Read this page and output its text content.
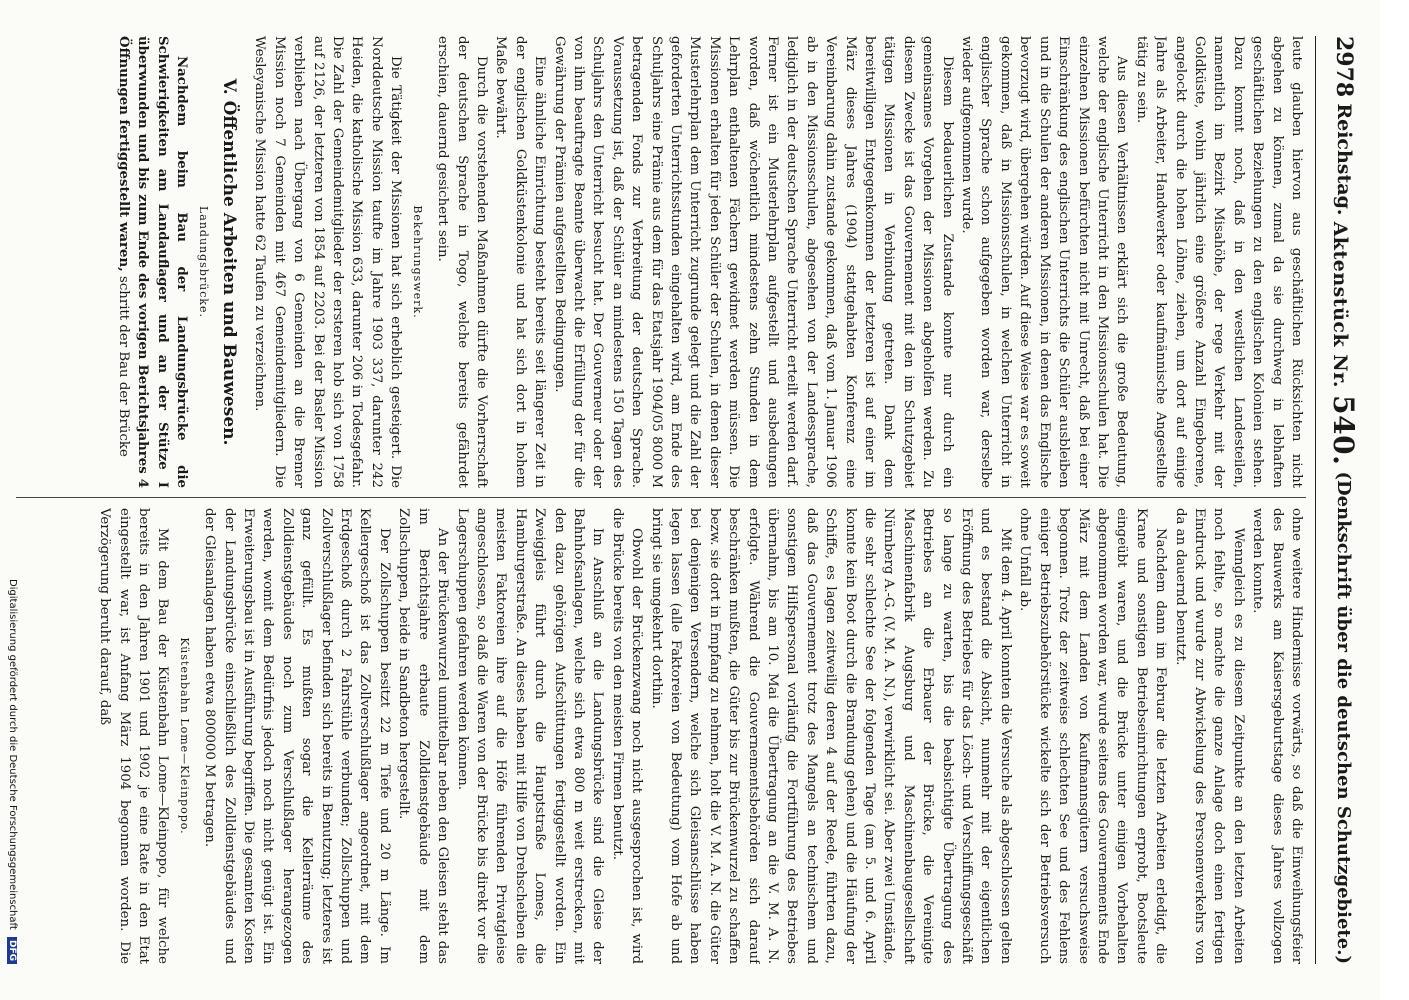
2978
Reichstag.
Aktenstück Nr. 540.
(Denkschrift über die deutschen Schutzgebiete.)

leute glauben hiervon aus geschäftlichen Rücksichten nicht abgehen zu können, zumal da sie durchweg in lebhaften geschäftlichen Beziehungen zu den englischen Kolonien stehen. Dazu kommt noch, daß in den westlichen Landesteilen, namentlich im Bezirk Misahöhe, der rege Verkehr mit der Goldküste, wohin jährlich eine größere Anzahl Eingeborene, angelockt durch die hohen Löhne, ziehen, um dort auf einige Jahre als Arbeiter, Handwerker oder kaufmännische Angestellte tätig zu sein.

Aus diesen Verhältnissen erklärt sich die große Bedeutung, welche der englische Unterricht in den Missionsschulen hat. Die einzelnen Missionen befürchten nicht mit Unrecht, daß bei einer Einschränkung des englischen Unterrichts die Schüler ausbleiben und in die Schulen der anderen Missionen, in denen das Englische bevorzugt wird, übergehen würden. Auf diese Weise war es soweit gekommen, daß in Missionsschulen, in welchen Unterricht in englischer Sprache schon aufgegeben worden war, derselbe wieder aufgenommen wurde.

Diesem bedauerlichen Zustande konnte nur durch ein gemeinsames Vorgehen der Missionen abgeholfen werden. Zu diesem Zwecke ist das Gouvernement mit den im Schutzgebiet tätigen Missionen in Verbindung getreten. Dank dem bereitwilligen Entgegenkommen der letzteren ist auf einer im März dieses Jahres (1904) stattgehabten Konferenz eine Vereinbarung dahin zustande gekommen, daß vom 1. Januar 1906 ab in den Missionsschulen, abgesehen von der Landessprache, lediglich in der deutschen Sprache Unterricht erteilt werden darf. Ferner ist ein Musterlehrplan aufgestellt und ausbedungen worden, daß wöchentlich mindestens zehn Stunden in dem Lehrplan enthaltenen Fächern gewidmet werden müssen. Die Missionen erhalten für jeden Schüler der Schulen, in denen dieser Musterlehrplan dem Unterricht zugrunde gelegt und die Zahl der geforderten Unterrichtsstunden eingehalten wird, am Ende des Schuljahrs eine Prämie aus dem für das Etatsjahr 1904/05 8000 M betragenden Fonds zur Verbreitung der deutschen Sprache. Voraussetzung ist, daß der Schüler an mindestens 150 Tagen des Schuljahrs den Unterricht besucht hat. Der Gouverneur oder der von ihm beauftragte Beamte überwacht die Erfüllung der für die Gewährung der Prämien aufgestellten Bedingungen.

Eine ähnliche Einrichtung besteht bereits seit längerer Zeit in der englischen Goldküstenkolonie und hat sich dort in hohem Maße bewährt.

Durch die vorstehenden Maßnahmen dürfte die Vorherrschaft der deutschen Sprache in Togo, welche bereits gefährdet erschien, dauernd gesichert sein.

Bekehrungswerk.

Die Tätigkeit der Missionen hat sich erheblich gesteigert. Die Norddeutsche Mission taufte im Jahre 1903 337, darunter 242 Heiden, die katholische Mission 633, darunter 206 in Todesgefahr. Die Zahl der Gemeindemitglieder der ersteren hob sich von 1758 auf 2126, der letzteren von 1854 auf 2203. Bei der Basler Mission verblieben nach Übergang von 6 Gemeinden an die Bremer Mission noch 7 Gemeinden mit 467 Gemeindemitgliedern. Die Wesleyanische Mission hatte 62 Taufen zu verzeichnen.

V. Öffentliche Arbeiten und Bauwesen.
Landungsbrücke.

Nachdem beim Bau der Landungsbrücke die Schwierigkeiten am Landauflager und an der Stütze I überwunden und bis zum Ende des vorigen Berichtsjahres 4 Öffnungen fertiggestellt waren, schritt der Bau der Brücke

ohne weitere Hindernisse vorwärts, so daß die Einweihungsfeier des Bauwerks am Kaisersgeburtstage dieses Jahres vollzogen werden konnte.

Wenngleich es zu diesem Zeitpunkte an den letzten Arbeiten noch fehlte, so machte die ganze Anlage doch einen fertigen Eindruck und wurde zur Abwickelung des Personenverkehrs von da an dauernd benutzt.

Nachdem dann im Februar die letzten Arbeiten erledigt, die Krane und sonstigen Betriebseinrichtungen erprobt, Bootsleute eingeübt waren, und die Brücke unter einigen Vorbehalten abgenommen worden war, wurde seitens des Gouvernements Ende März mit dem Landen von Kaufmannsgütern versuchsweise begonnen. Trotz der zeitweise schlechten See und des Fehlens einiger Betriebszubehörstücke wickelte sich der Betriebsversuch ohne Unfall ab.

Mit dem 4. April konnten die Versuche als abgeschlossen gelten und es bestand die Absicht, nunmehr mit der eigentlichen Eröffnung des Betriebes für das Lösch- und Verschiffungsgeschäft so lange zu warten, bis die beabsichtigte Übertragung des Betriebes an die Erbauer der Brücke, die Vereinigte Maschinenfabrik Augsburg und Maschinenbaugesellschaft Nürnberg A.-G. (V. M. A. N.), verwirklicht sei. Aber zwei Umstände, die sehr schlechte See der folgenden Tage (am 5. und 6. April konnte kein Boot durch die Brandung gehen) und die Häufung der Schiffe, es lagen zeitweilig deren 4 auf der Reede, führten dazu, daß das Gouvernement trotz des Mangels an technischem und sonstigem Hilfspersonal vorläufig die Fortführung des Betriebes übernahm, bis am 10. Mai die Übertragung an die V. M. A. N. erfolgte. Während die Gouvernementsbehörden sich darauf beschränken mußten, die Güter bis zur Brückenwurzel zu schaffen bezw. sie dort in Empfang zu nehmen, holt die V. M. A. N. die Güter bei denjenigen Versendern, welche sich Gleisanschlüsse haben legen lassen (alle Faktoreien von Bedeutung) vom Hofe ab und bringt sie umgekehrt dorthin.

Obwohl der Brückenzwang noch nicht ausgesprochen ist, wird die Brücke bereits von den meisten Firmen benutzt.

Im Anschluß an die Landungsbrücke sind die Gleise der Bahnhofsanlagen, welche sich etwa 800 m weit erstrecken, mit den dazu gehörigen Aufschüttungen fertiggestellt worden. Ein Zweiggleis führt durch die Hauptstraße Lomes, die Hamburgerstraße. An dieses haben mit Hilfe von Drehscheiben die meisten Faktoreien ihre auf die Höfe führenden Privatgleise angeschlossen, so daß die Waren von der Brücke bis direkt vor die Lagerschuppen gefahren werden können.

An der Brückenwurzel unmittelbar neben den Gleisen steht das im Berichtsjahre erbaute Zolldienstgebäude mit dem Zollschuppen, beide in Sandbeton hergestellt.

Der Zollschuppen besitzt 22 m Tiefe und 20 m Länge. Im Kellergeschoß ist das Zollverschlußlager angeordnet, mit dem Erdgeschoß durch 2 Fahrstühle verbunden; Zollschuppen und Zollverschlußlager befinden sich bereits in Benutzung; letzteres ist ganz gefüllt. Es mußten sogar die Kellerräume des Zolldienstgebäudes noch zum Verschlußlager herangezogen werden, womit dem Bedürfnis jedoch noch nicht genügt ist. Ein Erweiterungsbau ist in Ausführung begriffen. Die gesamten Kosten der Landungsbrücke einschließlich des Zolldienstgebäudes und der Gleisanlagen haben etwa 800000 M betragen.

Küstenbahn Lome—Kleinpopo.

Mit dem Bau der Küstenbahn Lome—Kleinpopo, für welche bereits in den Jahren 1901 und 1902 je eine Rate in den Etat eingestellt war, ist Anfang März 1904 begonnen worden. Die Verzögerung beruht darauf, daß

Digitalisierung gefördert durch die Deutsche Forschungsgemeinschaft DFG
